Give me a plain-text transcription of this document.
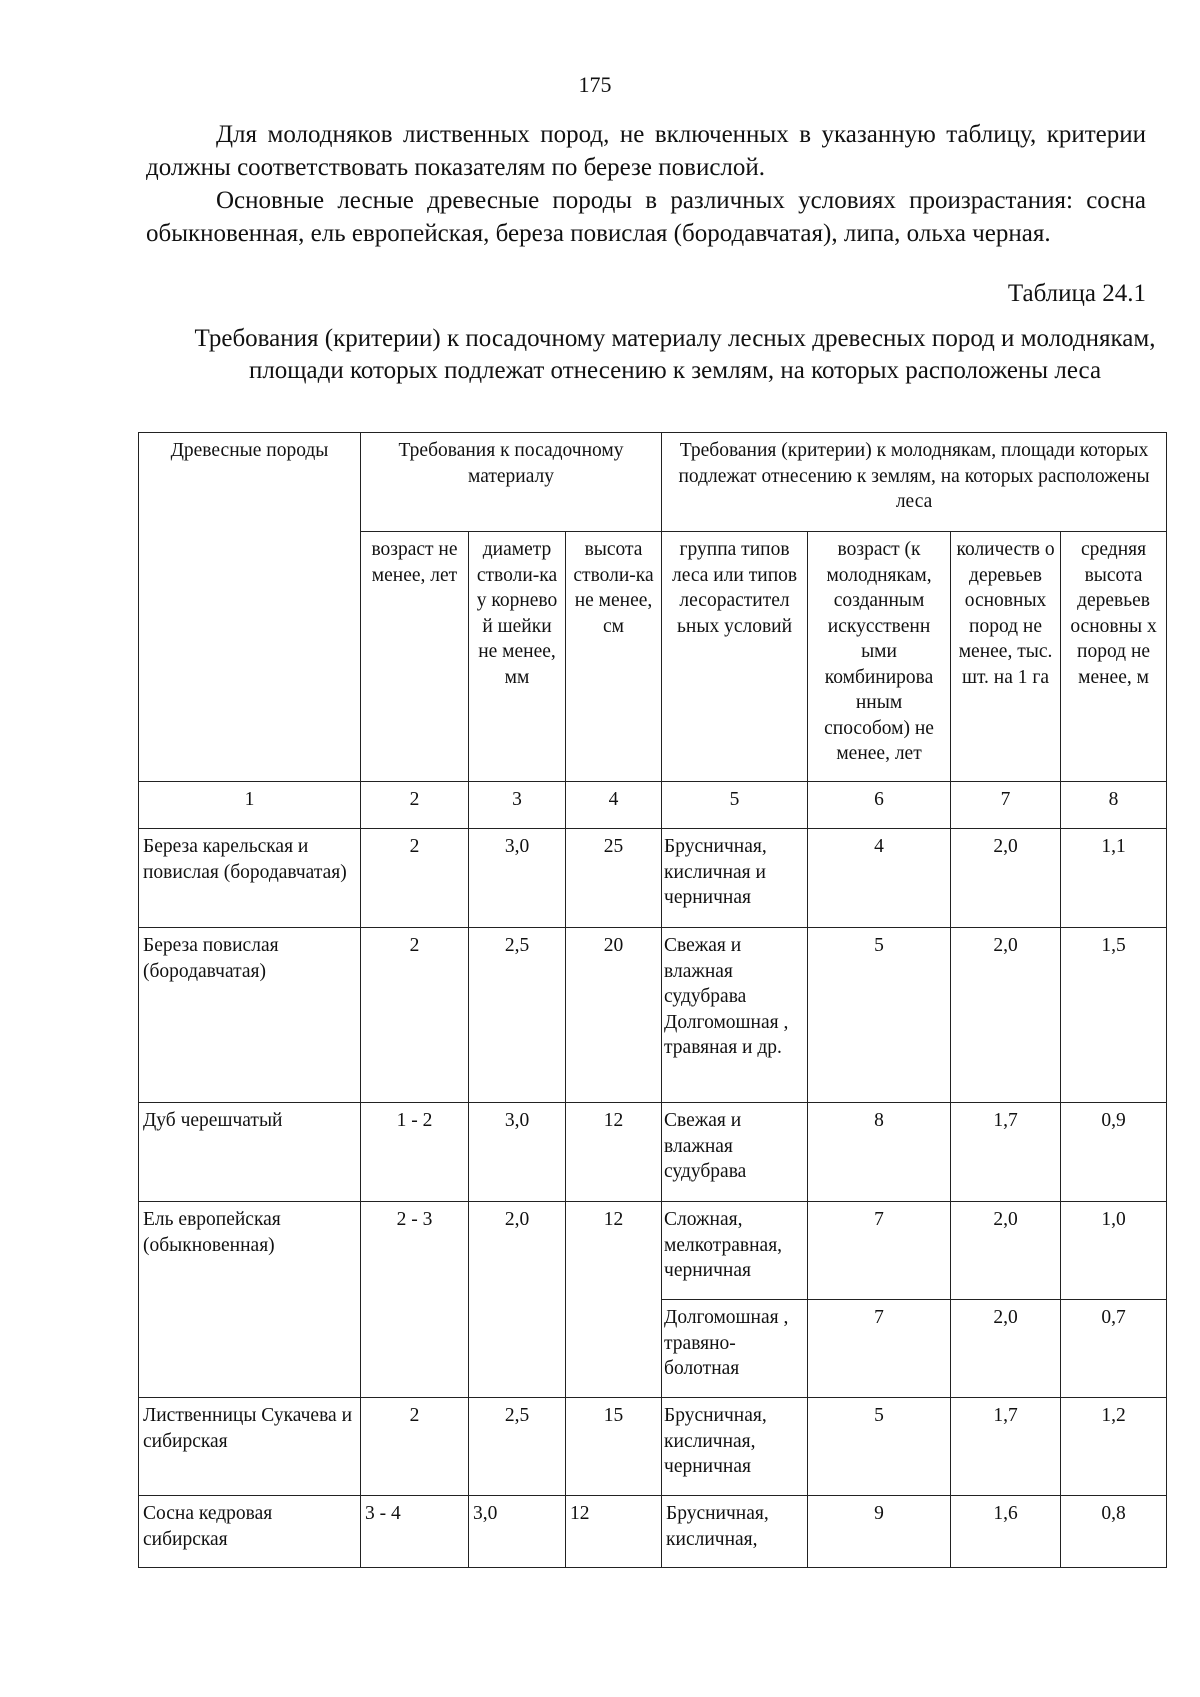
175
Для молодняков лиственных пород, не включенных в указанную таблицу, критерии должны соответствовать показателям по березе повислой.
Основные лесные древесные породы в различных условиях произрастания: сосна обыкновенная, ель европейская, береза повислая (бородавчатая), липа, ольха черная.
Таблица 24.1
Требования (критерии) к посадочному материалу лесных древесных пород и молоднякам, площади которых подлежат отнесению к землям, на которых расположены леса
Древесные породы	Требования к посадочному материалу			Требования (критерии) к молоднякам, площади которых подлежат отнесению к землям, на которых расположены леса			
	возраст не менее, лет	диаметр стволи-ка у корнево й шейки не менее, мм	высота стволи-ка не менее, см	группа типов леса или типов лесорастител ьных условий	возраст (к молоднякам, созданным искусственн ыми комбинирова нным способом) не менее, лет	количеств о деревьев основных пород не менее, тыс. шт. на 1 га	средняя высота деревьев основны х пород не менее, м
1	2	3	4	5	6	7	8
Береза карельская и повислая (бородавчатая)	2	3,0	25	Брусничная, кисличная и черничная	4	2,0	1,1
Береза повислая (бородавчатая)	2	2,5	20	Свежая и влажная судубрава Долгомошная , травяная и др.	5	2,0	1,5
Дуб черешчатый	1 - 2	3,0	12	Свежая и влажная судубрава	8	1,7	0,9
Ель европейская (обыкновенная)	2 - 3	2,0	12	Сложная, мелкотравная, черничная	7	2,0	1,0
				Долгомошная , травяно-болотная	7	2,0	0,7
Лиственницы Сукачева и сибирская	2	2,5	15	Брусничная, кисличная, черничная	5	1,7	1,2
Сосна кедровая сибирская	3 - 4	3,0	12	Брусничная, кисличная,	9	1,6	0,8
